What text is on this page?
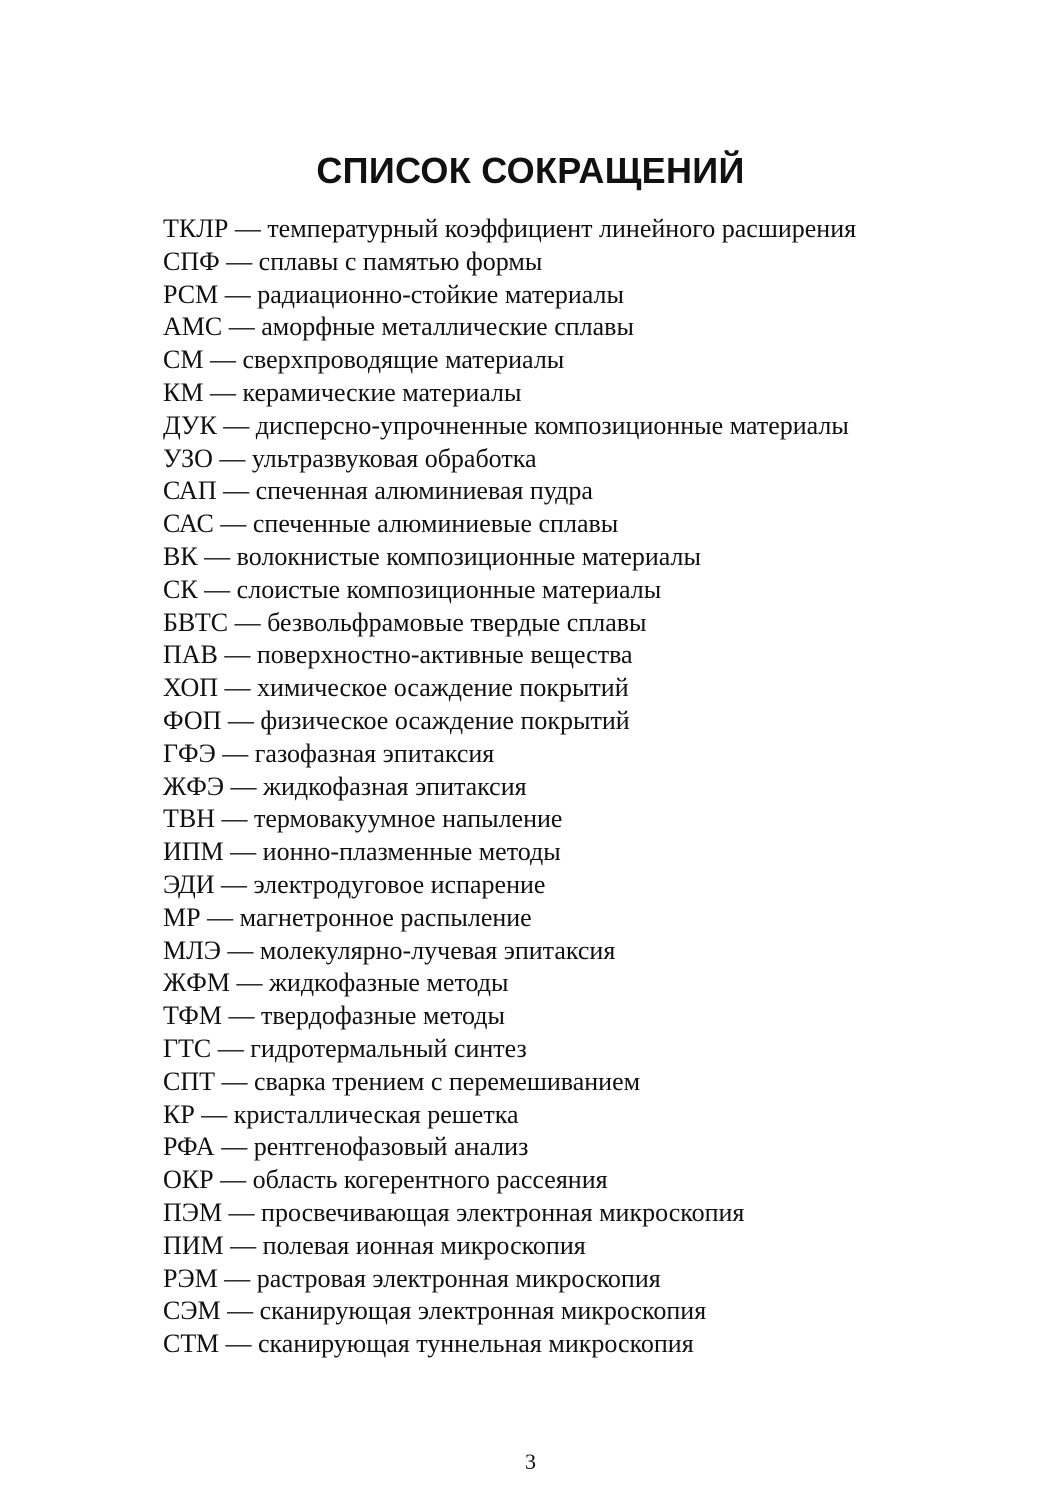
СПИСОК СОКРАЩЕНИЙ
ТКЛР — температурный коэффициент линейного расширения
СПФ — сплавы с памятью формы
РСМ — радиационно-стойкие материалы
АМС — аморфные металлические сплавы
СМ — сверхпроводящие материалы
КМ — керамические материалы
ДУК — дисперсно-упрочненные композиционные материалы
УЗО — ультразвуковая обработка
САП — спеченная алюминиевая пудра
САС — спеченные алюминиевые сплавы
ВК — волокнистые композиционные материалы
СК — слоистые композиционные материалы
БВТС — безвольфрамовые твердые сплавы
ПАВ — поверхностно-активные вещества
ХОП — химическое осаждение покрытий
ФОП — физическое осаждение покрытий
ГФЭ — газофазная эпитаксия
ЖФЭ — жидкофазная эпитаксия
ТВН — термовакуумное напыление
ИПМ — ионно-плазменные методы
ЭДИ — электродуговое испарение
МР — магнетронное распыление
МЛЭ — молекулярно-лучевая эпитаксия
ЖФМ — жидкофазные методы
ТФМ — твердофазные методы
ГТС — гидротермальный синтез
СПТ — сварка трением с перемешиванием
КР — кристаллическая решетка
РФА — рентгенофазовый анализ
ОКР — область когерентного рассеяния
ПЭМ — просвечивающая электронная микроскопия
ПИМ — полевая ионная микроскопия
РЭМ — растровая электронная микроскопия
СЭМ — сканирующая электронная микроскопия
СТМ — сканирующая туннельная микроскопия
3
